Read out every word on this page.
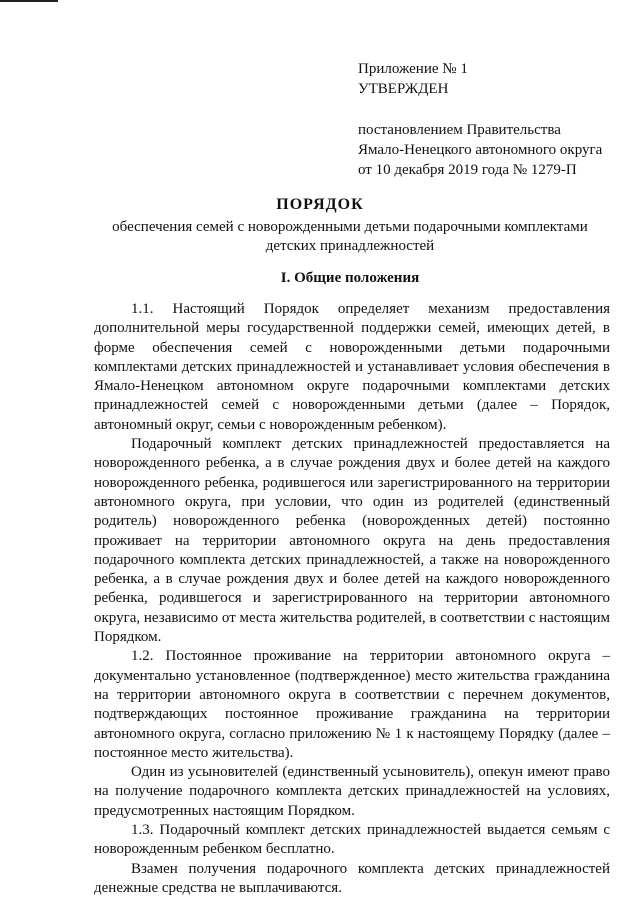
Приложение № 1
УТВЕРЖДЕН
постановлением Правительства
Ямало-Ненецкого автономного округа
от 10 декабря 2019 года № 1279-П
ПОРЯДОК
обеспечения семей с новорожденными детьми подарочными комплектами детских принадлежностей
I. Общие положения

1.1. Настоящий Порядок определяет механизм предоставления дополнительной меры государственной поддержки семей, имеющих детей, в форме обеспечения семей с новорожденными детьми подарочными комплектами детских принадлежностей и устанавливает условия обеспечения в Ямало-Ненецком автономном округе подарочными комплектами детских принадлежностей семей с новорожденными детьми (далее – Порядок, автономный округ, семьи с новорожденным ребенком).

Подарочный комплект детских принадлежностей предоставляется на новорожденного ребенка, а в случае рождения двух и более детей на каждого новорожденного ребенка, родившегося или зарегистрированного на территории автономного округа, при условии, что один из родителей (единственный родитель) новорожденного ребенка (новорожденных детей) постоянно проживает на территории автономного округа на день предоставления подарочного комплекта детских принадлежностей, а также на новорожденного ребенка, а в случае рождения двух и более детей на каждого новорожденного ребенка, родившегося и зарегистрированного на территории автономного округа, независимо от места жительства родителей, в соответствии с настоящим Порядком.

1.2. Постоянное проживание на территории автономного округа – документально установленное (подтвержденное) место жительства гражданина на территории автономного округа в соответствии с перечнем документов, подтверждающих постоянное проживание гражданина на территории автономного округа, согласно приложению № 1 к настоящему Порядку (далее – постоянное место жительства).

Один из усыновителей (единственный усыновитель), опекун имеют право на получение подарочного комплекта детских принадлежностей на условиях, предусмотренных настоящим Порядком.

1.3. Подарочный комплект детских принадлежностей выдается семьям с новорожденным ребенком бесплатно.

Взамен получения подарочного комплекта детских принадлежностей денежные средства не выплачиваются.
